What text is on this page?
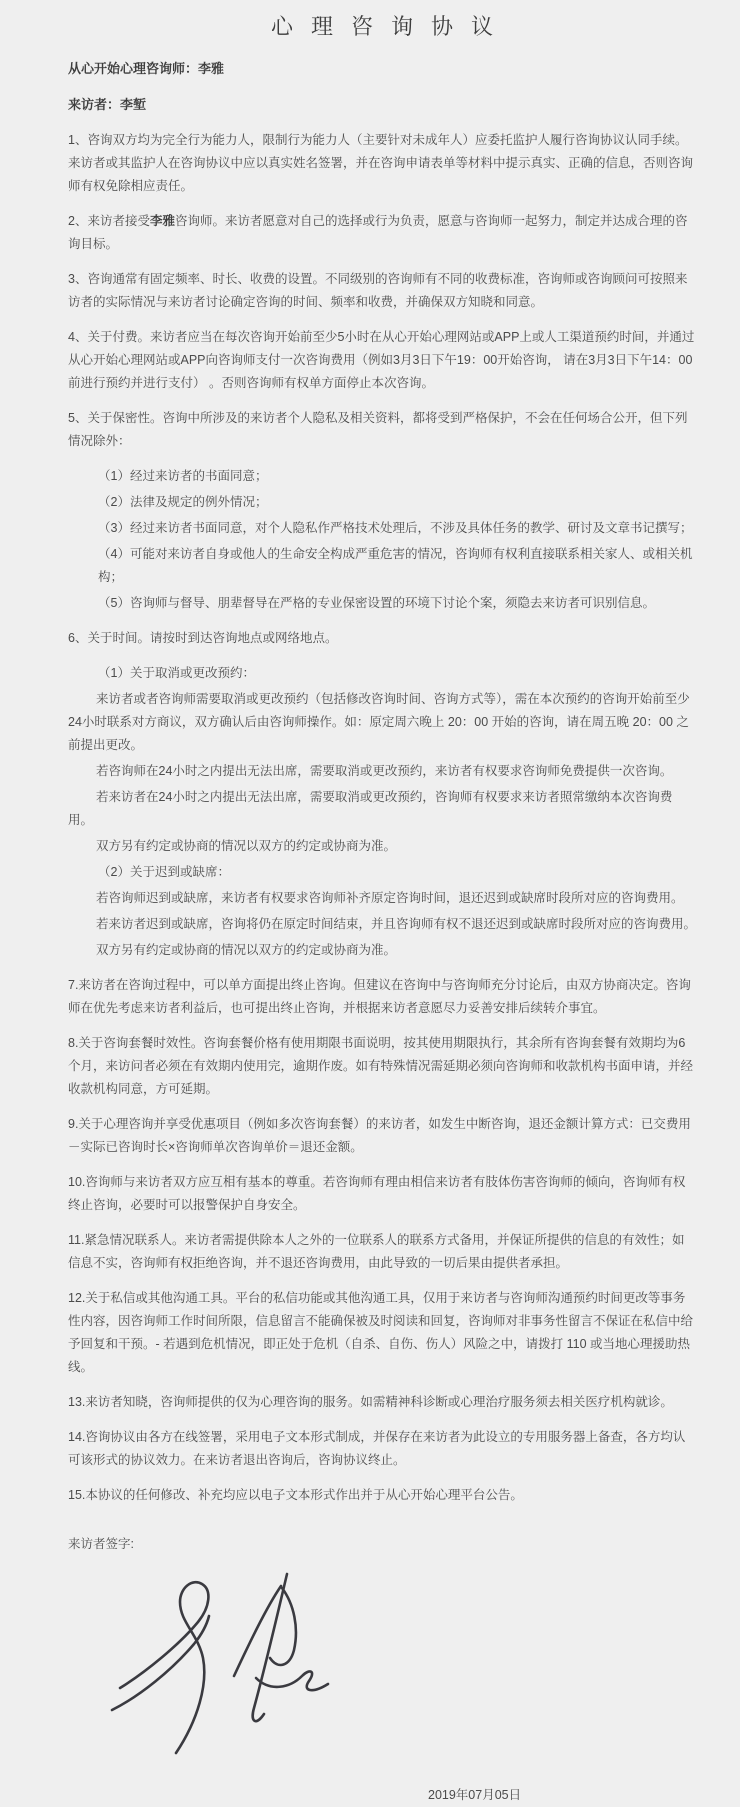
心理咨询协议

从心开始心理咨询师：李雅

来访者：李堑

1、咨询双方均为完全行为能力人，限制行为能力人（主要针对未成年人）应委托监护人履行咨询协议认同手续。来访者或其监护人在咨询协议中应以真实姓名签署，并在咨询申请表单等材料中提示真实、正确的信息，否则咨询师有权免除相应责任。

2、来访者接受李雅咨询师。来访者愿意对自己的选择或行为负责，愿意与咨询师一起努力，制定并达成合理的咨询目标。

3、咨询通常有固定频率、时长、收费的设置。不同级别的咨询师有不同的收费标准，咨询师或咨询顾问可按照来访者的实际情况与来访者讨论确定咨询的时间、频率和收费，并确保双方知晓和同意。

4、关于付费。来访者应当在每次咨询开始前至少5小时在从心开始心理网站或APP上或人工渠道预约时间，并通过从心开始心理网站或APP向咨询师支付一次咨询费用（例如3月3日下午19：00开始咨询， 请在3月3日下午14：00前进行预约并进行支付） 。否则咨询师有权单方面停止本次咨询。

5、关于保密性。咨询中所涉及的来访者个人隐私及相关资料，都将受到严格保护，不会在任何场合公开，但下列情况除外：

（1）经过来访者的书面同意；

（2）法律及规定的例外情况；

（3）经过来访者书面同意，对个人隐私作严格技术处理后，不涉及具体任务的教学、研讨及文章书记撰写；

（4）可能对来访者自身或他人的生命安全构成严重危害的情况，咨询师有权利直接联系相关家人、或相关机构；

（5）咨询师与督导、朋辈督导在严格的专业保密设置的环境下讨论个案，须隐去来访者可识别信息。

6、关于时间。请按时到达咨询地点或网络地点。

（1）关于取消或更改预约：

来访者或者咨询师需要取消或更改预约（包括修改咨询时间、咨询方式等），需在本次预约的咨询开始前至少24小时联系对方商议，双方确认后由咨询师操作。如：原定周六晚上 20：00 开始的咨询，请在周五晚 20：00 之前提出更改。

若咨询师在24小时之内提出无法出席，需要取消或更改预约，来访者有权要求咨询师免费提供一次咨询。

若来访者在24小时之内提出无法出席，需要取消或更改预约，咨询师有权要求来访者照常缴纳本次咨询费用。

双方另有约定或协商的情况以双方的约定或协商为准。

（2）关于迟到或缺席：

若咨询师迟到或缺席，来访者有权要求咨询师补齐原定咨询时间，退还迟到或缺席时段所对应的咨询费用。

若来访者迟到或缺席，咨询将仍在原定时间结束，并且咨询师有权不退还迟到或缺席时段所对应的咨询费用。

双方另有约定或协商的情况以双方的约定或协商为准。

7.来访者在咨询过程中，可以单方面提出终止咨询。但建议在咨询中与咨询师充分讨论后，由双方协商决定。咨询师在优先考虑来访者利益后，也可提出终止咨询，并根据来访者意愿尽力妥善安排后续转介事宜。

8.关于咨询套餐时效性。咨询套餐价格有使用期限书面说明，按其使用期限执行，其余所有咨询套餐有效期均为6个月，来访问者必须在有效期内使用完，逾期作废。如有特殊情况需延期必须向咨询师和收款机构书面申请，并经收款机构同意，方可延期。

9.关于心理咨询并享受优惠项目（例如多次咨询套餐）的来访者，如发生中断咨询，退还金额计算方式：已交费用－实际已咨询时长×咨询师单次咨询单价＝退还金额。

10.咨询师与来访者双方应互相有基本的尊重。若咨询师有理由相信来访者有肢体伤害咨询师的倾向，咨询师有权终止咨询，必要时可以报警保护自身安全。

11.紧急情况联系人。来访者需提供除本人之外的一位联系人的联系方式备用，并保证所提供的信息的有效性；如信息不实，咨询师有权拒绝咨询，并不退还咨询费用，由此导致的一切后果由提供者承担。

12.关于私信或其他沟通工具。平台的私信功能或其他沟通工具，仅用于来访者与咨询师沟通预约时间更改等事务性内容，因咨询师工作时间所限，信息留言不能确保被及时阅读和回复，咨询师对非事务性留言不保证在私信中给予回复和干预。- 若遇到危机情况，即正处于危机（自杀、自伤、伤人）风险之中，请拨打 110 或当地心理援助热线。

13.来访者知晓，咨询师提供的仅为心理咨询的服务。如需精神科诊断或心理治疗服务须去相关医疗机构就诊。

14.咨询协议由各方在线签署，采用电子文本形式制成，并保存在来访者为此设立的专用服务器上备查，各方均认可该形式的协议效力。在来访者退出咨询后，咨询协议终止。

15.本协议的任何修改、补充均应以电子文本形式作出并于从心开始心理平台公告。

来访者签字:

2019年07月05日
